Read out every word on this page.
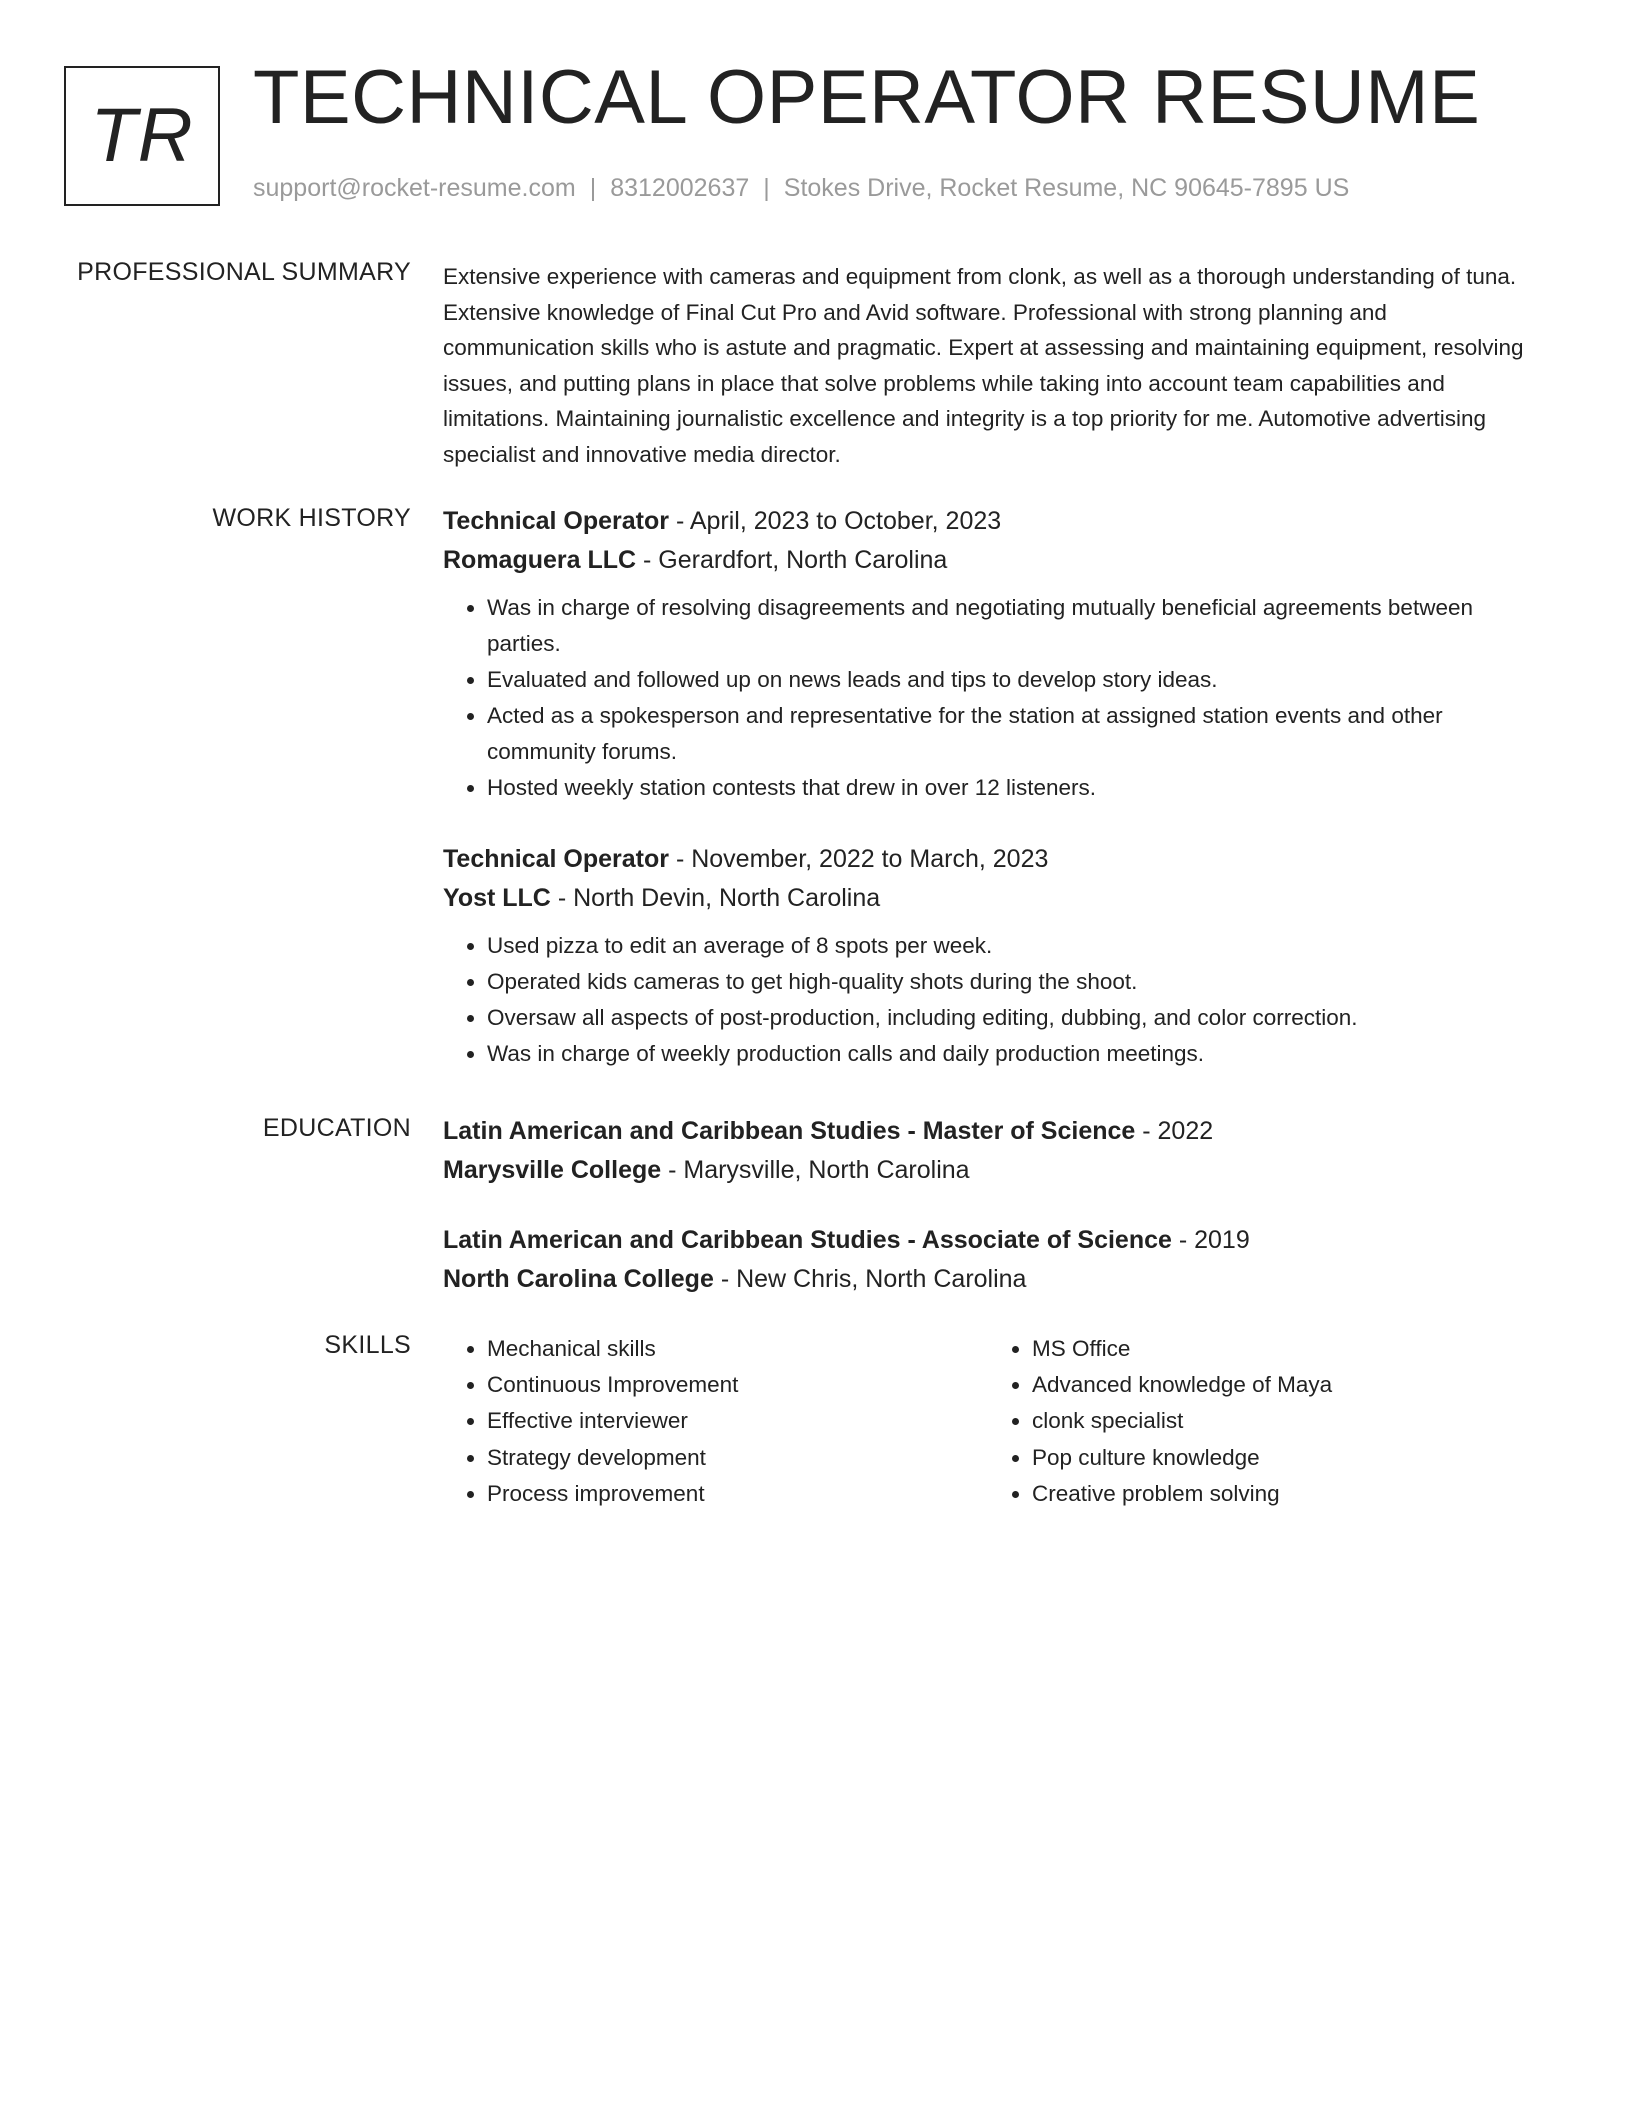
TR TECHNICAL OPERATOR RESUME
support@rocket-resume.com | 8312002637 | Stokes Drive, Rocket Resume, NC 90645-7895 US
PROFESSIONAL SUMMARY Extensive experience with cameras and equipment from clonk, as well as a thorough understanding of tuna. Extensive knowledge of Final Cut Pro and Avid software. Professional with strong planning and communication skills who is astute and pragmatic. Expert at assessing and maintaining equipment, resolving issues, and putting plans in place that solve problems while taking into account team capabilities and limitations. Maintaining journalistic excellence and integrity is a top priority for me. Automotive advertising specialist and innovative media director.

WORK HISTORY Technical Operator - April, 2023 to October, 2023
Romaguera LLC - Gerardfort, North Carolina
• Was in charge of resolving disagreements and negotiating mutually beneficial agreements between parties.
• Evaluated and followed up on news leads and tips to develop story ideas.
• Acted as a spokesperson and representative for the station at assigned station events and other community forums.
• Hosted weekly station contests that drew in over 12 listeners.
Technical Operator - November, 2022 to March, 2023
Yost LLC - North Devin, North Carolina
• Used pizza to edit an average of 8 spots per week.
• Operated kids cameras to get high-quality shots during the shoot.
• Oversaw all aspects of post-production, including editing, dubbing, and color correction.
• Was in charge of weekly production calls and daily production meetings.
EDUCATION Latin American and Caribbean Studies - Master of Science - 2022
Marysville College - Marysville, North Carolina
Latin American and Caribbean Studies - Associate of Science - 2019
North Carolina College - New Chris, North Carolina
SKILLS
•	Mechanical skills
• Continuous Improvement
• Effective interviewer
• Strategy development
• Process improvement
• MS Office
• Advanced knowledge of Maya
• clonk specialist
• Pop culture knowledge
• Creative problem solving
